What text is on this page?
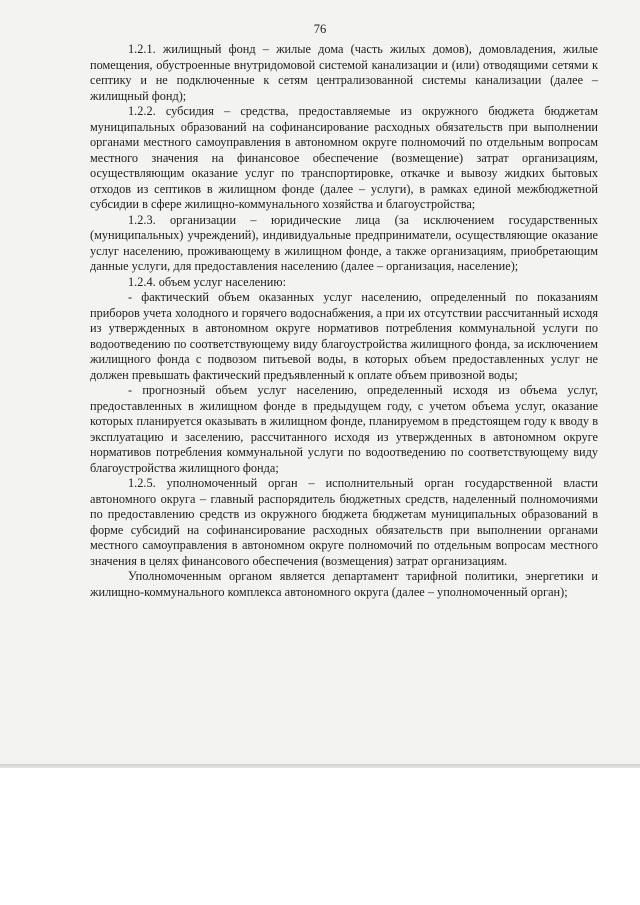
76

1.2.1. жилищный фонд – жилые дома (часть жилых домов), домовладения, жилые помещения, обустроенные внутридомовой системой канализации и (или) отводящими сетями к септику и не подключенные к сетям централизованной системы канализации (далее – жилищный фонд);

1.2.2. субсидия – средства, предоставляемые из окружного бюджета бюджетам муниципальных образований на софинансирование расходных обязательств при выполнении органами местного самоуправления в автономном округе полномочий по отдельным вопросам местного значения на финансовое обеспечение (возмещение) затрат организациям, осуществляющим оказание услуг по транспортировке, откачке и вывозу жидких бытовых отходов из септиков в жилищном фонде (далее – услуги), в рамках единой межбюджетной субсидии в сфере жилищно-коммунального хозяйства и благоустройства;

1.2.3. организации – юридические лица (за исключением государственных (муниципальных) учреждений), индивидуальные предприниматели, осуществляющие оказание услуг населению, проживающему в жилищном фонде, а также организациям, приобретающим данные услуги, для предоставления населению (далее – организация, население);

1.2.4. объем услуг населению:

- фактический объем оказанных услуг населению, определенный по показаниям приборов учета холодного и горячего водоснабжения, а при их отсутствии рассчитанный исходя из утвержденных в автономном округе нормативов потребления коммунальной услуги по водоотведению по соответствующему виду благоустройства жилищного фонда, за исключением жилищного фонда с подвозом питьевой воды, в которых объем предоставленных услуг не должен превышать фактический предъявленный к оплате объем привозной воды;

- прогнозный объем услуг населению, определенный исходя из объема услуг, предоставленных в жилищном фонде в предыдущем году, с учетом объема услуг, оказание которых планируется оказывать в жилищном фонде, планируемом в предстоящем году к вводу в эксплуатацию и заселению, рассчитанного исходя из утвержденных в автономном округе нормативов потребления коммунальной услуги по водоотведению по соответствующему виду благоустройства жилищного фонда;

1.2.5. уполномоченный орган – исполнительный орган государственной власти автономного округа – главный распорядитель бюджетных средств, наделенный полномочиями по предоставлению средств из окружного бюджета бюджетам муниципальных образований в форме субсидий на софинансирование расходных обязательств при выполнении органами местного самоуправления в автономном округе полномочий по отдельным вопросам местного значения в целях финансового обеспечения (возмещения) затрат организациям.

Уполномоченным органом является департамент тарифной политики, энергетики и жилищно-коммунального комплекса автономного округа (далее – уполномоченный орган);
